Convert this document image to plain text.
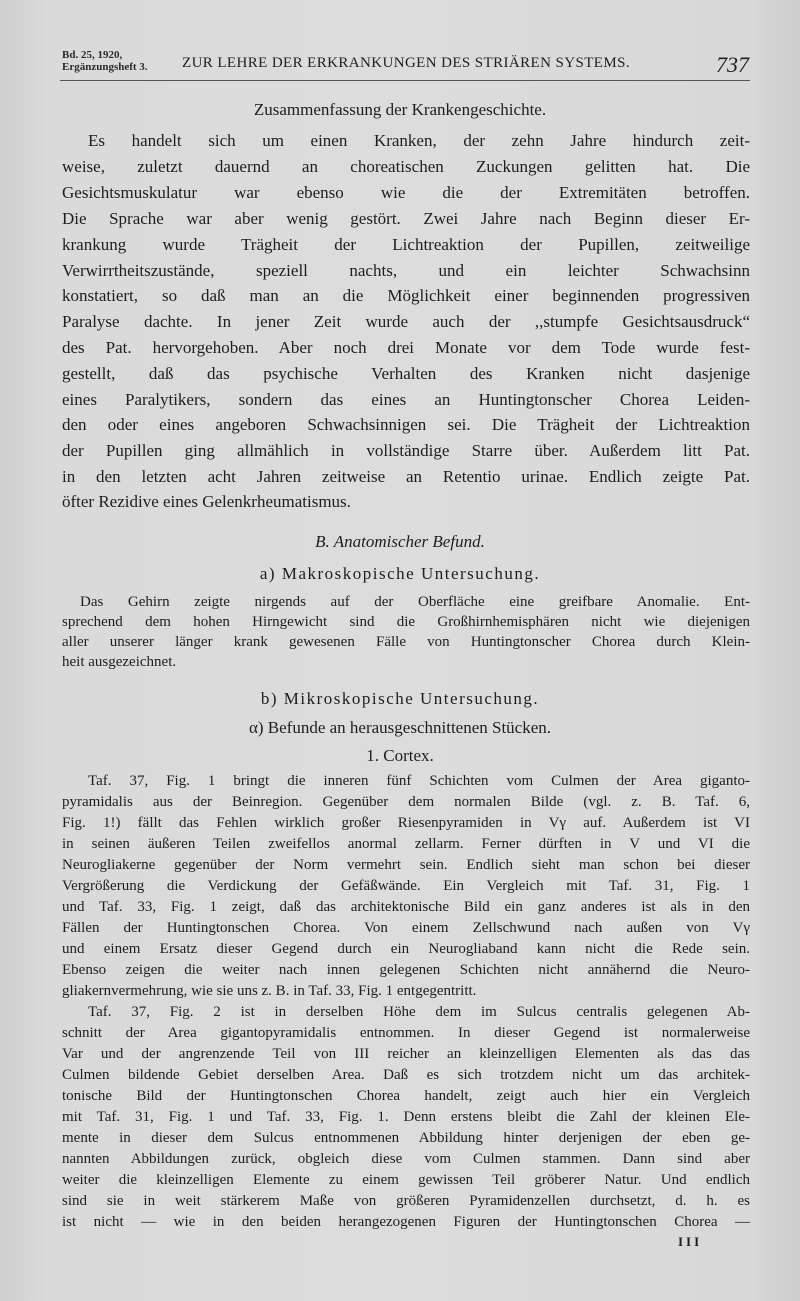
Bd. 25, 1920,
Ergänzungsheft 3. ZUR LEHRE DER ERKRANKUNGEN DES STRIÄREN SYSTEMS.	737
Zusammenfassung der Krankengeschichte.
Es handelt sich um einen Kranken, der zehn Jahre hindurch zeit-
weise, zuletzt dauernd an choreatischen Zuckungen gelitten hat. Die
Gesichtsmuskulatur war ebenso wie die der Extremitäten betroffen.
Die Sprache war aber wenig gestört. Zwei Jahre nach Beginn dieser Er-
krankung wurde Trägheit der Lichtreaktion der Pupillen, zeitweilige
Verwirrtheitszustände, speziell nachts, und ein leichter Schwachsinn
konstatiert, so daß man an die Möglichkeit einer beginnenden progressiven
Paralyse dachte. In jener Zeit wurde auch der ,,stumpfe Gesichtsausdruck“
des Pat. hervorgehoben. Aber noch drei Monate vor dem Tode wurde fest-
gestellt, daß das psychische Verhalten des Kranken nicht dasjenige
eines Paralytikers, sondern das eines an Huntingtonscher Chorea Leiden-
den oder eines angeboren Schwachsinnigen sei. Die Trägheit der Lichtreaktion
der Pupillen ging allmählich in vollständige Starre über. Außerdem litt Pat.
in den letzten acht Jahren zeitweise an Retentio urinae. Endlich zeigte Pat.
öfter Rezidive eines Gelenkrheumatismus.
B. Anatomischer Befund.
a) Makroskopische Untersuchung.
Das Gehirn zeigte nirgends auf der Oberfläche eine greifbare Anomalie. Ent-
sprechend dem hohen Hirngewicht sind die Großhirnhemisphären nicht wie diejenigen
aller unserer länger krank gewesenen Fälle von Huntingtonscher Chorea durch Klein-
heit ausgezeichnet.
b) Mikroskopische Untersuchung.
α) Befunde an herausgeschnittenen Stücken.
1. Cortex.
Taf. 37, Fig. 1 bringt die inneren fünf Schichten vom Culmen der Area giganto-
pyramidalis aus der Beinregion. Gegenüber dem normalen Bilde (vgl. z. B. Taf. 6,
Fig. 1!) fällt das Fehlen wirklich großer Riesenpyramiden in Vγ auf. Außerdem ist VI
in seinen äußeren Teilen zweifellos anormal zellarm. Ferner dürften in V und VI die
Neurogliakerne gegenüber der Norm vermehrt sein. Endlich sieht man schon bei dieser
Vergrößerung die Verdickung der Gefäßwände. Ein Vergleich mit Taf. 31, Fig. 1
und Taf. 33, Fig. 1 zeigt, daß das architektonische Bild ein ganz anderes ist als in den
Fällen der Huntingtonschen Chorea. Von einem Zellschwund nach außen von Vγ
und einem Ersatz dieser Gegend durch ein Neurogliaband kann nicht die Rede sein.
Ebenso zeigen die weiter nach innen gelegenen Schichten nicht annähernd die Neuro-
gliakernvermehrung, wie sie uns z. B. in Taf. 33, Fig. 1 entgegentritt.
Taf. 37, Fig. 2 ist in derselben Höhe dem im Sulcus centralis gelegenen Ab-
schnitt der Area gigantopyramidalis entnommen. In dieser Gegend ist normalerweise
Var und der angrenzende Teil von III reicher an kleinzelligen Elementen als das das
Culmen bildende Gebiet derselben Area. Daß es sich trotzdem nicht um das architek-
tonische Bild der Huntingtonschen Chorea handelt, zeigt auch hier ein Vergleich
mit Taf. 31, Fig. 1 und Taf. 33, Fig. 1. Denn erstens bleibt die Zahl der kleinen Ele-
mente in dieser dem Sulcus entnommenen Abbildung hinter derjenigen der eben ge-
nannten Abbildungen zurück, obgleich diese vom Culmen stammen. Dann sind aber
weiter die kleinzelligen Elemente zu einem gewissen Teil gröberer Natur. Und endlich
sind sie in weit stärkerem Maße von größeren Pyramidenzellen durchsetzt, d. h. es
ist nicht — wie in den beiden herangezogenen Figuren der Huntingtonschen Chorea —
III
